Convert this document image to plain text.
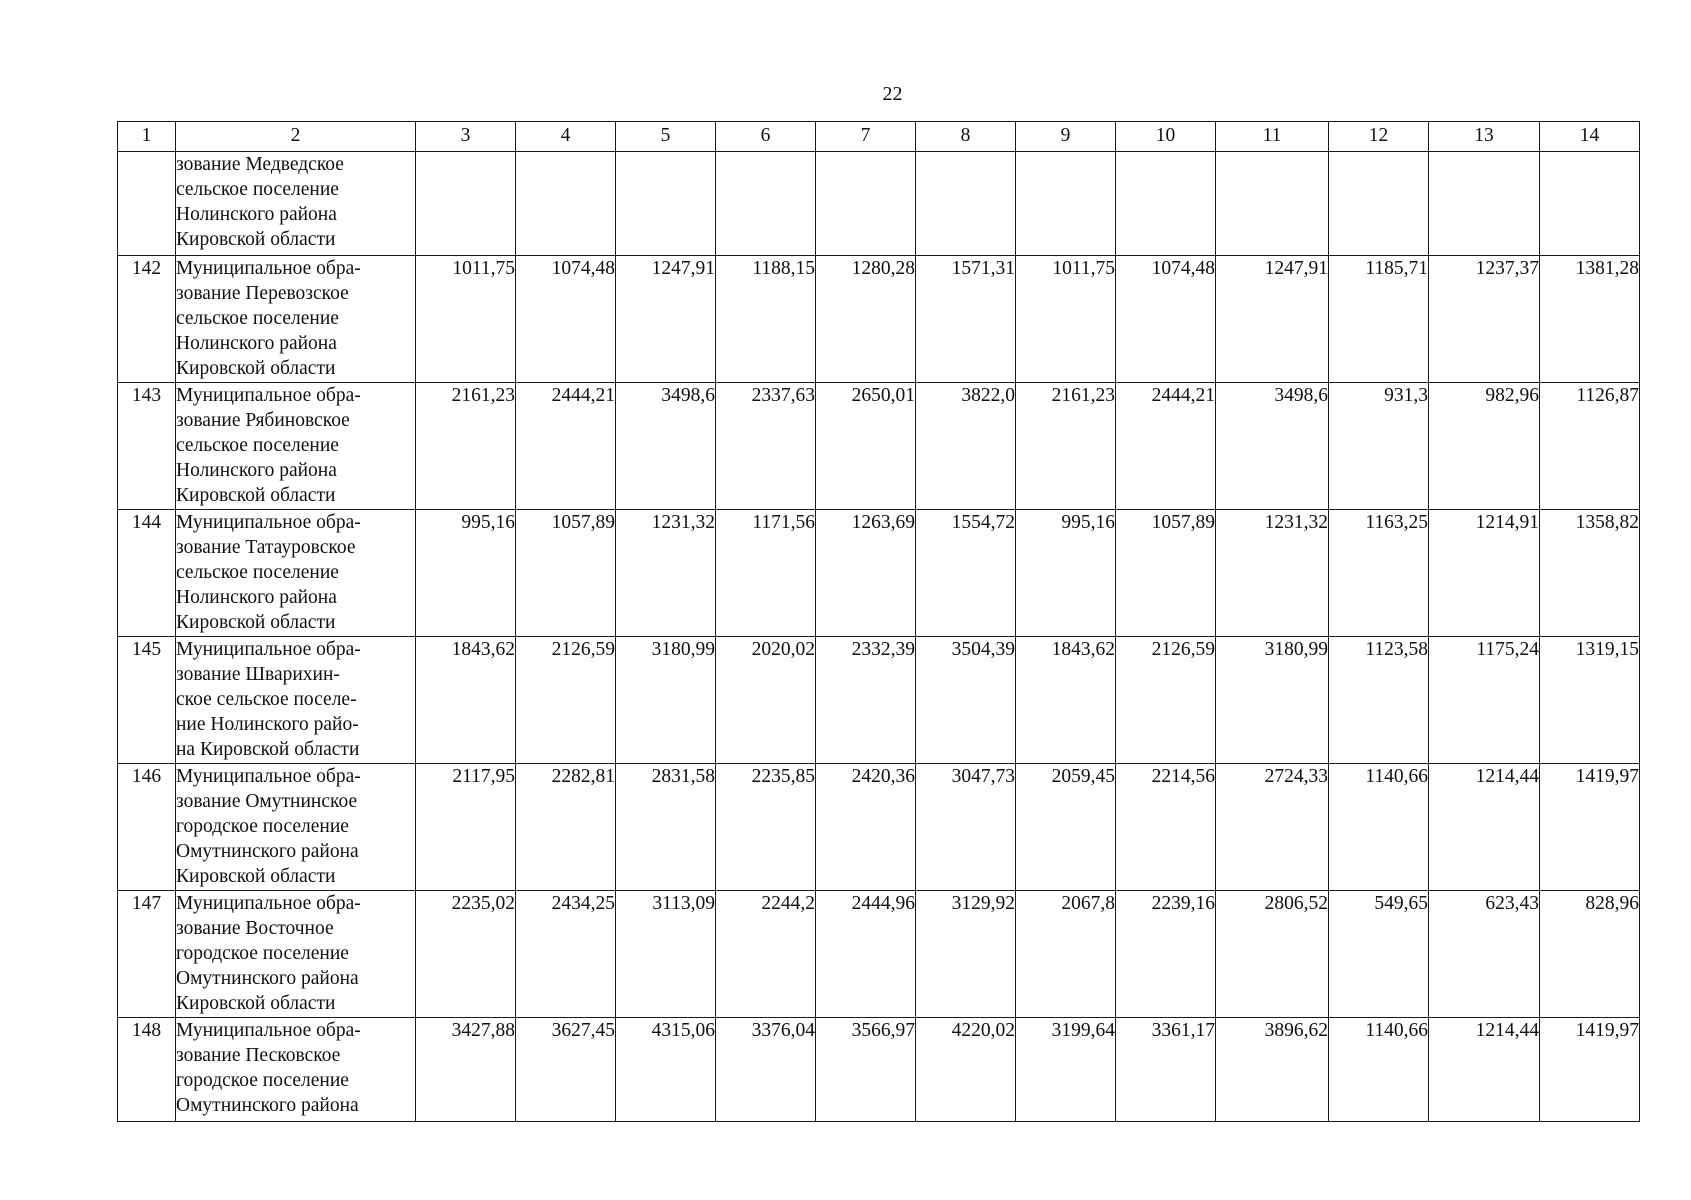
22
1	2	3	4	5	6	7	8	9	10	11	12	13	14
	зование Медведское
сельское поселение
Нолинского района
Кировской области												
142	Муниципальное обра-
зование Перевозское
сельское поселение
Нолинского района
Кировской области	1011,75	1074,48	1247,91	1188,15	1280,28	1571,31	1011,75	1074,48	1247,91	1185,71	1237,37	1381,28
143	Муниципальное обра-
зование Рябиновское
сельское поселение
Нолинского района
Кировской области	2161,23	2444,21	3498,6	2337,63	2650,01	3822,0	2161,23	2444,21	3498,6	931,3	982,96	1126,87
144	Муниципальное обра-
зование Татауровское
сельское поселение
Нолинского района
Кировской области	995,16	1057,89	1231,32	1171,56	1263,69	1554,72	995,16	1057,89	1231,32	1163,25	1214,91	1358,82
145	Муниципальное обра-
зование Шварихин-
ское сельское поселе-
ние Нолинского райо-
на Кировской области	1843,62	2126,59	3180,99	2020,02	2332,39	3504,39	1843,62	2126,59	3180,99	1123,58	1175,24	1319,15
146	Муниципальное обра-
зование Омутнинское
городское поселение
Омутнинского района
Кировской области	2117,95	2282,81	2831,58	2235,85	2420,36	3047,73	2059,45	2214,56	2724,33	1140,66	1214,44	1419,97
147	Муниципальное обра-
зование Восточное
городское поселение
Омутнинского района
Кировской области	2235,02	2434,25	3113,09	2244,2	2444,96	3129,92	2067,8	2239,16	2806,52	549,65	623,43	828,96
148	Муниципальное обра-
зование Песковское
городское поселение
Омутнинского района	3427,88	3627,45	4315,06	3376,04	3566,97	4220,02	3199,64	3361,17	3896,62	1140,66	1214,44	1419,97
